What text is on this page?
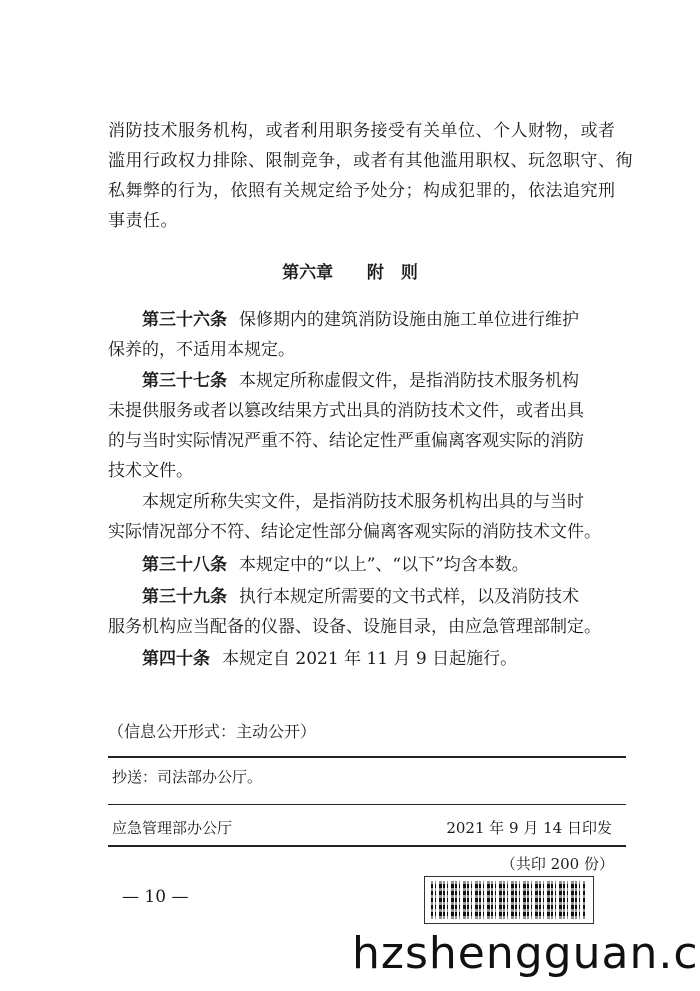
消防技术服务机构，或者利用职务接受有关单位、个人财物，或者
滥用行政权力排除、限制竞争，或者有其他滥用职权、玩忽职守、徇
私舞弊的行为，依照有关规定给予处分；构成犯罪的，依法追究刑
事责任。
第六章 附　则
第三十六条 保修期内的建筑消防设施由施工单位进行维护
保养的，不适用本规定。
第三十七条 本规定所称虚假文件，是指消防技术服务机构
未提供服务或者以篡改结果方式出具的消防技术文件，或者出具
的与当时实际情况严重不符、结论定性严重偏离客观实际的消防
技术文件。
本规定所称失实文件，是指消防技术服务机构出具的与当时
实际情况部分不符、结论定性部分偏离客观实际的消防技术文件。
第三十八条 本规定中的“以上”、“以下”均含本数。
第三十九条 执行本规定所需要的文书式样，以及消防技术
服务机构应当配备的仪器、设备、设施目录，由应急管理部制定。
第四十条 本规定自 2021 年 11 月 9 日起施行。
（信息公开形式：主动公开）
抄送：司法部办公厅。
应急管理部办公厅	2021 年 9 月 14 日印发
（共印 200 份）
— 10 —
hzshengguan.c
